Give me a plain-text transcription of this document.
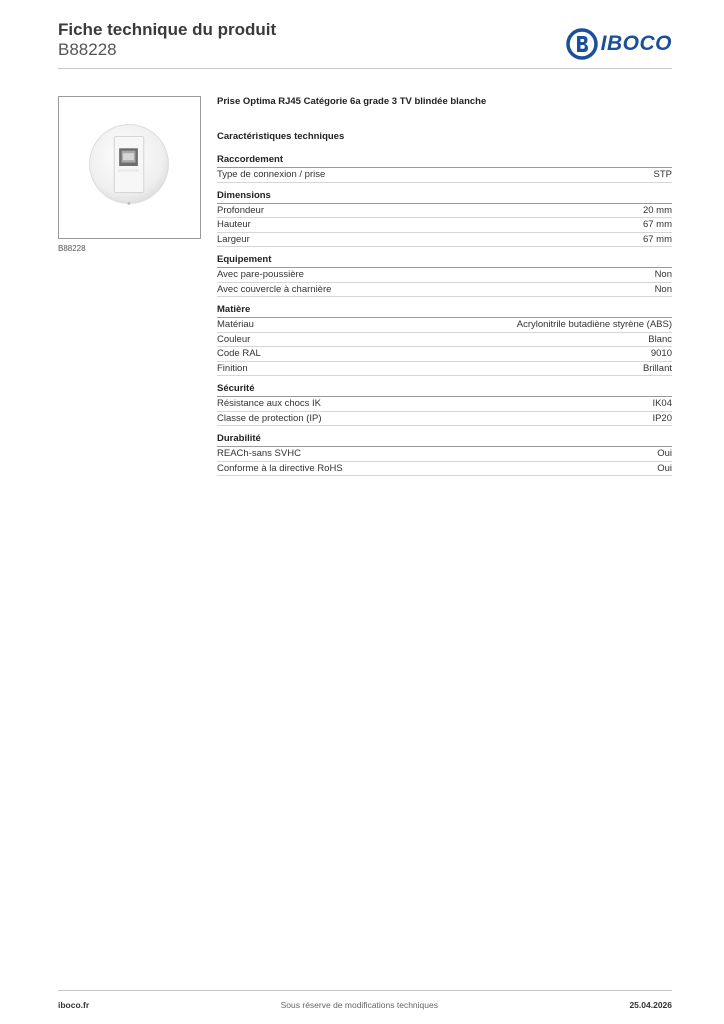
Fiche technique du produit
B88228	IBOCO
B88228
Prise Optima RJ45 Catégorie 6a grade 3 TV blindée blanche
Caractéristiques techniques
Raccordement
Type de connexion / prise	STP
Dimensions
Profondeur	20 mm
Hauteur	67 mm
Largeur	67 mm
Equipement
Avec pare-poussière	Non
Avec couvercle à charnière	Non
Matière
Matériau	Acrylonitrile butadiène styrène (ABS)
Couleur	Blanc
Code RAL	9010
Finition	Brillant
Sécurité
Résistance aux chocs IK	IK04
Classe de protection (IP)	IP20
Durabilité
REACh-sans SVHC	Oui
Conforme à la directive RoHS	Oui
iboco.fr	Sous réserve de modifications techniques	25.04.2026
